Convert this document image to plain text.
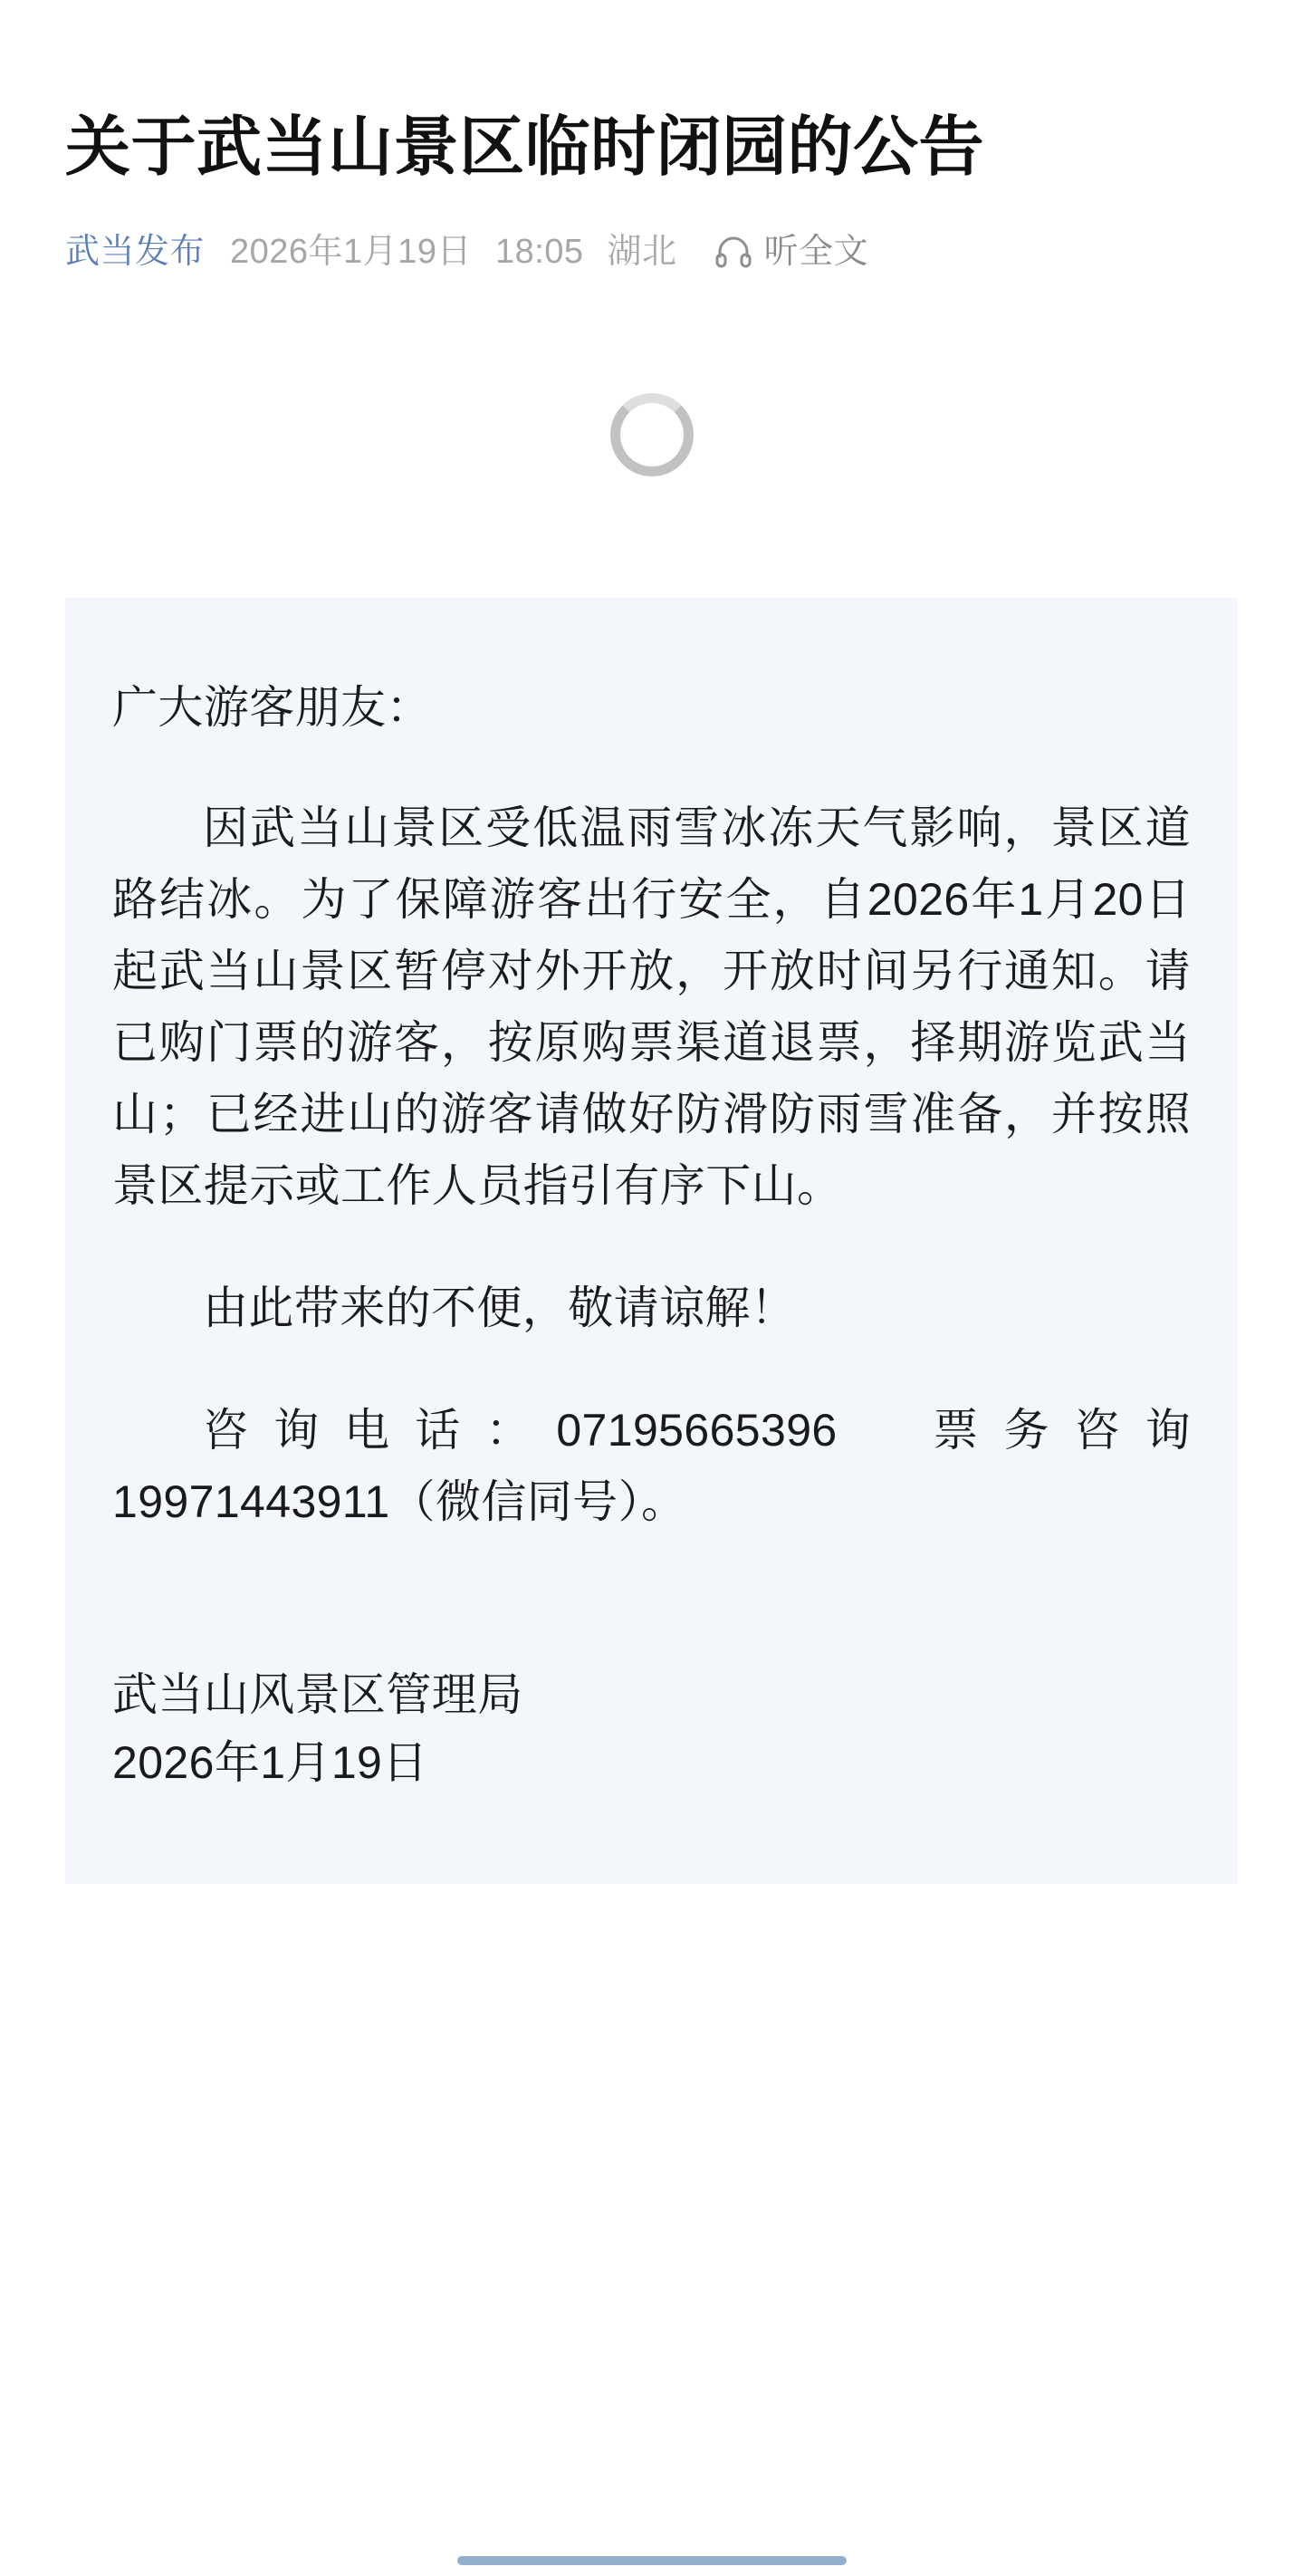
关于武当山景区临时闭园的公告
武当发布 2026年1月19日 18:05 湖北	听全文

广大游客朋友：

因武当山景区受低温雨雪冰冻天气影响，景区道路结冰。为了保障游客出行安全，自2026年1月20日起武当山景区暂停对外开放，开放时间另行通知。请已购门票的游客，按原购票渠道退票，择期游览武当山；已经进山的游客请做好防滑防雨雪准备，并按照景区提示或工作人员指引有序下山。

由此带来的不便，敬请谅解！

咨询电话：07195665396　票务咨询19971443911（微信同号）。

武当山风景区管理局

2026年1月19日
